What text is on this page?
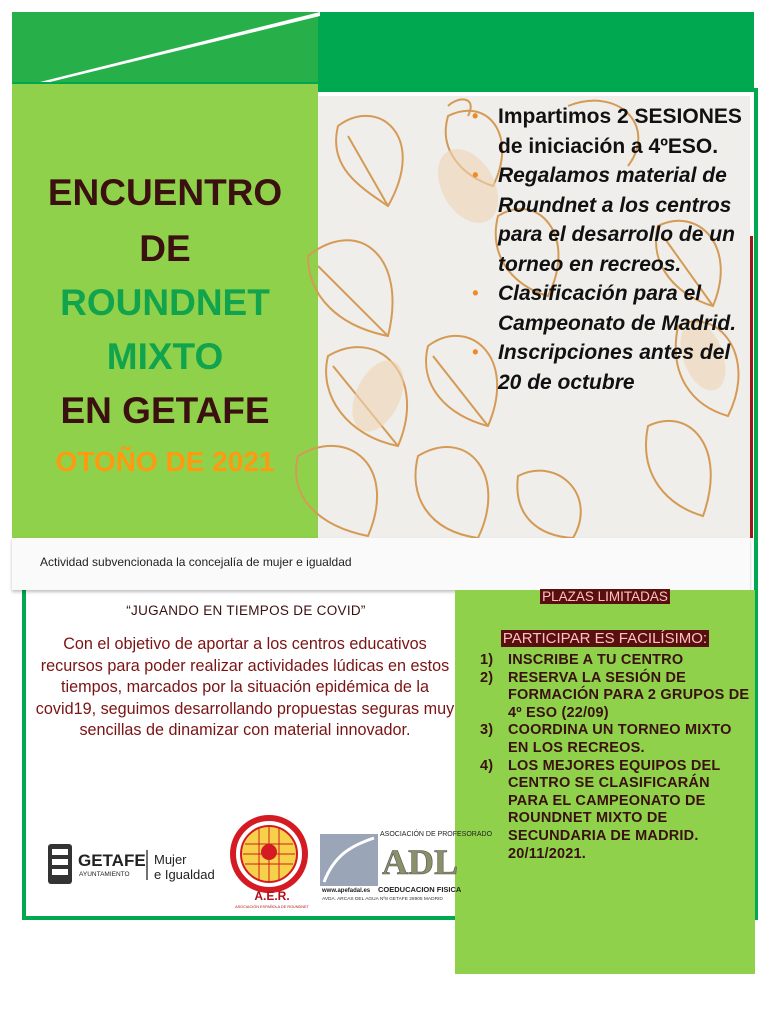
ENCUENTRO
DE
ROUNDNET
MIXTO
EN GETAFE
OTOÑO DE 2021
• Impartimos 2 SESIONES de iniciación a 4ºESO.
• Regalamos material de Roundnet a los centros para el desarrollo de un torneo en recreos.
• Clasificación para el Campeonato de Madrid.
• Inscripciones antes del 20 de octubre
Actividad subvencionada la concejalía de mujer e igualdad
“JUGANDO EN TIEMPOS DE COVID”
Con el objetivo de aportar a los centros educativos recursos para poder realizar actividades lúdicas en estos tiempos, marcados por la situación epidémica de la covid19, seguimos desarrollando propuestas seguras muy sencillas de dinamizar con material innovador.
PLAZAS LIMITADAS
PARTICIPAR ES FACILÍSIMO:
1) INSCRIBE A TU CENTRO
2) RESERVA LA SESIÓN DE FORMACIÓN PARA 2 GRUPOS DE 4º ESO (22/09)
3) COORDINA UN TORNEO MIXTO EN LOS RECREOS.
4) LOS MEJORES EQUIPOS DEL CENTRO SE CLASIFICARÁN PARA EL CAMPEONATO DE ROUNDNET MIXTO DE SECUNDARIA DE MADRID. 20/11/2021.
GETAFE
AYUNTAMIENTO
Mujer
e Igualdad
A.E.R.
ASOCIACIÓN ESPAÑOLA DE ROUNDNET
ASOCIACIÓN DE PROFESORADO
ADL
www.apefadal.es COEDUCACION FISICA
AVDA. ARCAS DEL AGUA Nº8 GETAFE 28905 MADRID
